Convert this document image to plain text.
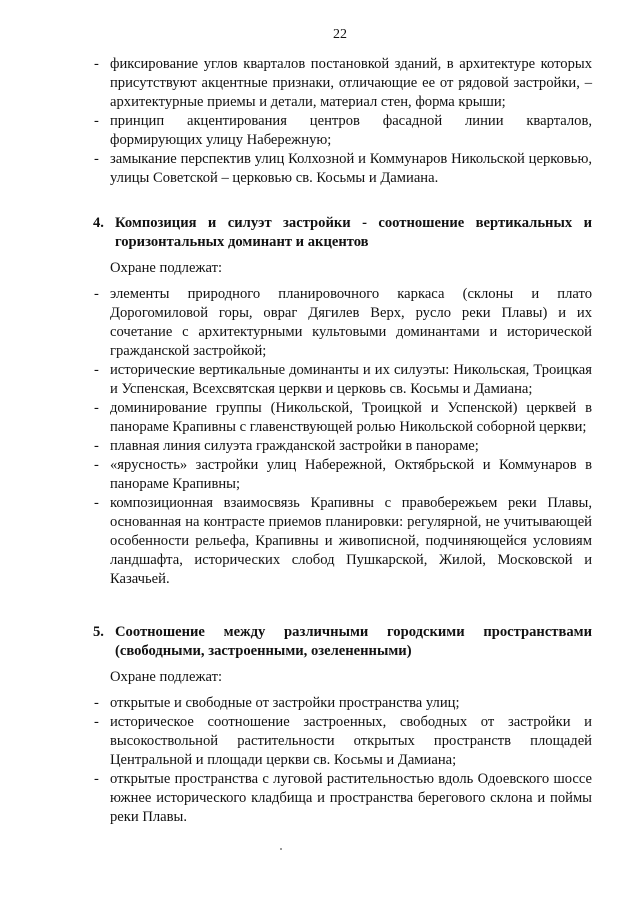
22
- фиксирование углов кварталов постановкой зданий, в архитектуре которых присутствуют акцентные признаки, отличающие ее от рядовой застройки, – архитектурные приемы и детали, материал стен, форма крыши;
- принцип акцентирования центров фасадной линии кварталов, формирующих улицу Набережную;
- замыкание перспектив улиц Колхозной и Коммунаров Никольской церковью, улицы Советской – церковью св. Косьмы и Дамиана.
4. Композиция и силуэт застройки - соотношение вертикальных и горизонтальных доминант и акцентов
Охране подлежат:
- элементы природного планировочного каркаса (склоны и плато Дорогомиловой горы, овраг Дягилев Верх, русло реки Плавы) и их сочетание с архитектурными культовыми доминантами и исторической гражданской застройкой;
- исторические вертикальные доминанты и их силуэты: Никольская, Троицкая и Успенская, Всехсвятская церкви и церковь св. Косьмы и Дамиана;
- доминирование группы (Никольской, Троицкой и Успенской) церквей в панораме Крапивны с главенствующей ролью Никольской соборной церкви;
- плавная линия силуэта гражданской застройки в панораме;
- «ярусность» застройки улиц Набережной, Октябрьской и Коммунаров в панораме Крапивны;
- композиционная взаимосвязь Крапивны с правобережьем реки Плавы, основанная на контрасте приемов планировки: регулярной, не учитывающей особенности рельефа, Крапивны и живописной, подчиняющейся условиям ландшафта, исторических слобод Пушкарской, Жилой, Московской и Казачьей.
5. Соотношение между различными городскими пространствами (свободными, застроенными, озелененными)
Охране подлежат:
- открытые и свободные от застройки пространства улиц;
- историческое соотношение застроенных, свободных от застройки и высокоствольной растительности открытых пространств площадей Центральной и площади церкви св. Косьмы и Дамиана;
- открытые пространства с луговой растительностью вдоль Одоевского шоссе южнее исторического кладбища и пространства берегового склона и поймы реки Плавы.
